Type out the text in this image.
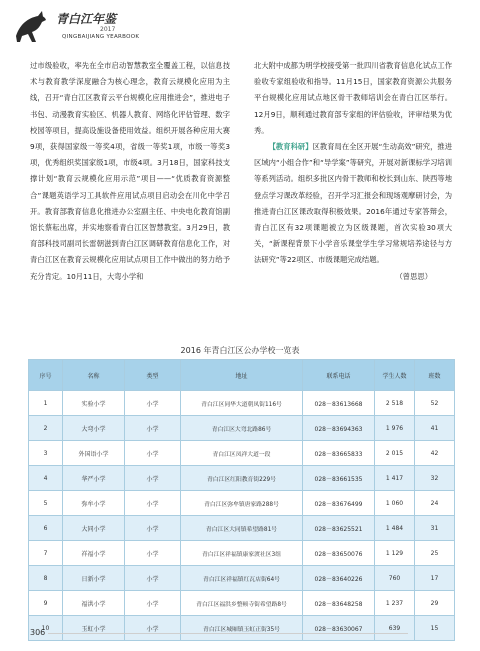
青白江年鉴
2017
QINGBAIJIANG YEARBOOK

过市级验收，率先在全市启动智慧教室全覆盖工程，以信息技术与教育教学深度融合为核心理念，教育云规模化应用为主线，召开“青白江区教育云平台规模化应用推进会”，推进电子书包、动漫教育实验区、机器人教育、网络化评估管理、数字校园等项目，提高设施设备使用效益。组织开展各种应用大赛9项，获得国家级一等奖4项，省级一等奖1项，市级一等奖3项，优秀组织奖国家级1项，市级4项。3月18日，国家科技支撑计划“教育云规模化应用示范”项目——“优质教育资源整合”课题英语学习工具软件应用试点项目启动会在川化中学召开。教育部教育信息化推进办公室副主任、中央电化教育馆副馆长蔡耘出席，并实地察看青白江区智慧教室。3月29日，教育部科技司副司长雷朝滋到青白江区调研教育信息化工作，对青白江区在教育云规模化应用试点项目工作中做出的努力给予充分肯定。10月11日，大弯小学和

北大附中成都为明学校接受第一批四川省教育信息化试点工作验收专家组验收和指导。11月15日，国家教育资源公共服务平台规模化应用试点地区骨干教师培训会在青白江区举行。12月9日，顺利通过教育部专家组的评估验收，评审结果为优秀。

【教育科研】区教育局在全区开展“生动高效”研究，推进区域内“小组合作”和“导学案”等研究，开展对新课标学习培训等系列活动。组织多批区内骨干教师和校长到山东、陕西等地登点学习课改革经验，召开学习汇报会和现场观摩研讨会，为推进青白江区课改取得积极效果。2016年通过专家答辩会，青白江区有32项课题被立为区级课题，首次实验30项大关，“新课程背景下小学音乐课堂学生学习常规培养途径与方法研究”等22项区、市级课题完成结题。

（曾思思）

2016 年青白江区公办学校一览表
序号	名称	类型	地址	联系电话	学生人数	班数
1	实验小学	小学	青白江区同华大道朝凤街116号	028－83613668	2 518	52
2	大弯小学	小学	青白江区大弯北路86号	028－83694363	1 976	41
3	外国语小学	小学	青白江区凤祥大道一段	028－83665833	2 015	42
4	华严小学	小学	青白江区红阳教育街229号	028－83661535	1 417	32
5	弥牟小学	小学	青白江区弥牟镇唐家路288号	028－83676499	1 060	24
6	大同小学	小学	青白江区大同镇希望路81号	028－83625521	1 484	31
7	祥福小学	小学	青白江区祥福镇康家渡社区3组	028－83650076	1 129	25
8	日新小学	小学	青白江区祥福镇红瓦店街64号	028－83640226	760	17
9	福洪小学	小学	青白江区福洪乡整顿寺街希望路8号	028－83648258	1 237	29
10	玉虹小学	小学	青白江区城厢镇玉虹正街35号	028－83630067	639	15
306
